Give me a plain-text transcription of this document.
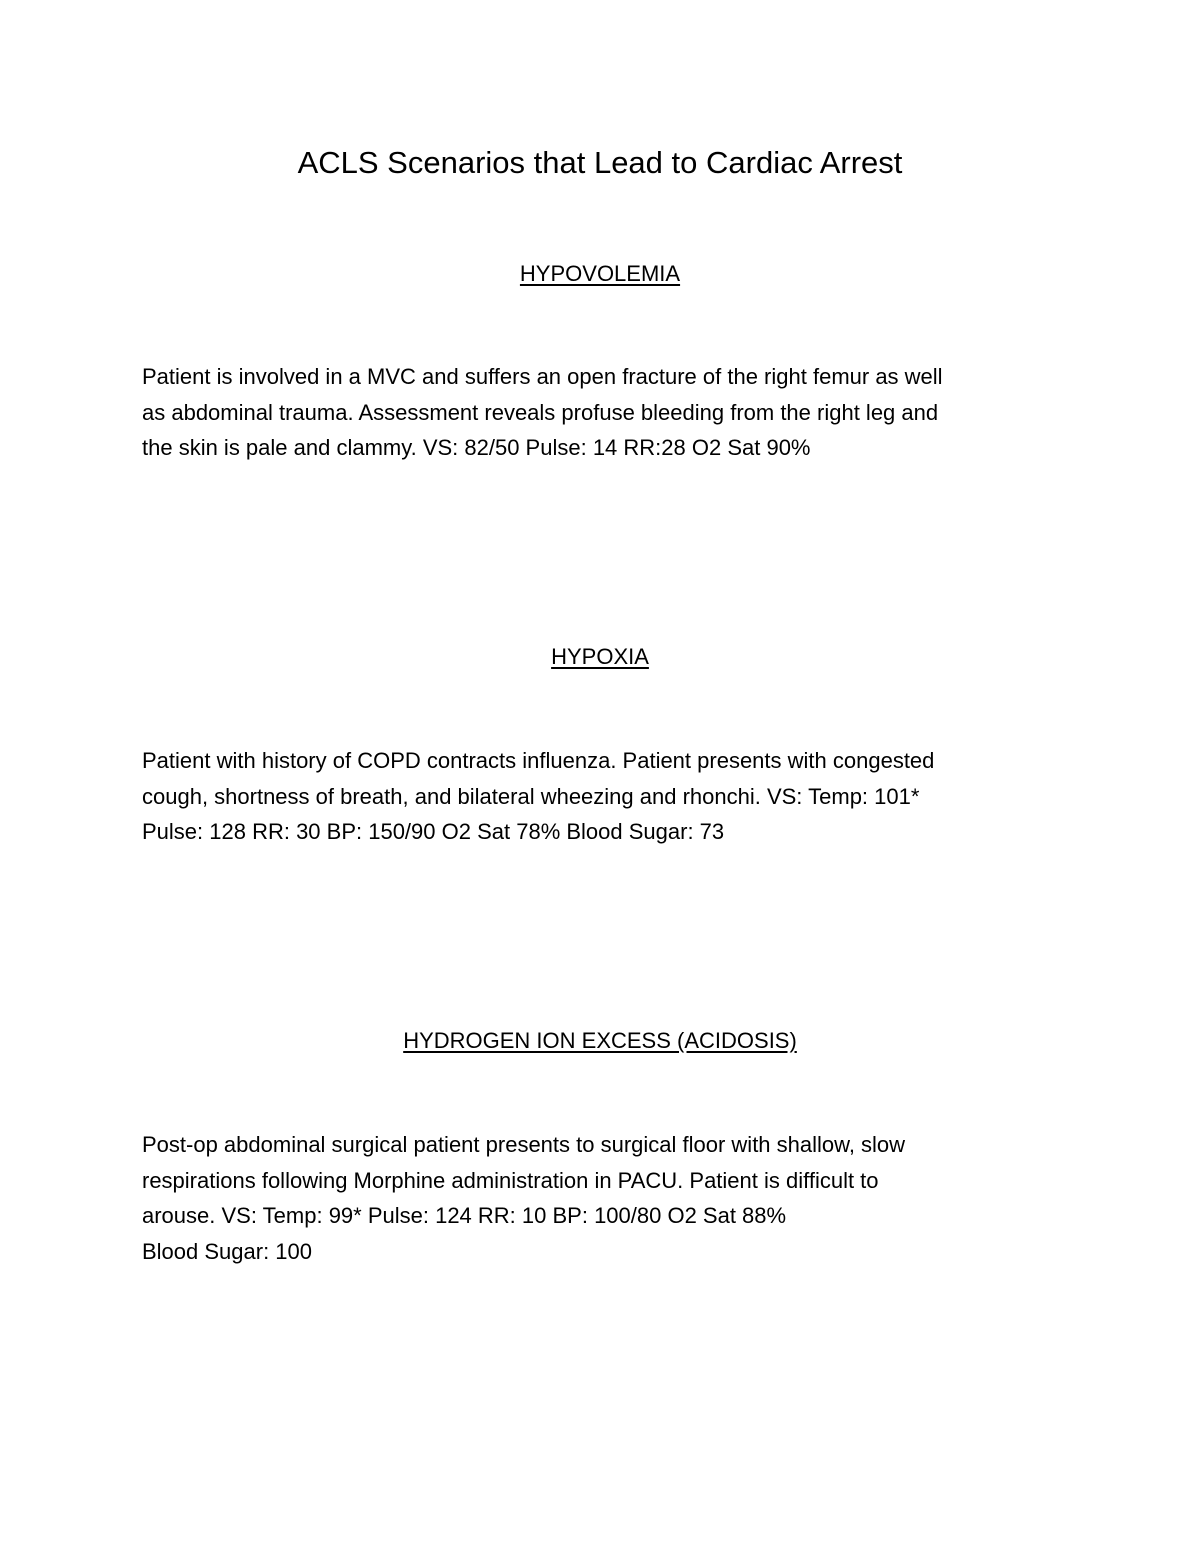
ACLS Scenarios that Lead to Cardiac Arrest
HYPOVOLEMIA

Patient is involved in a MVC and suffers an open fracture of the right femur as well
as abdominal trauma. Assessment reveals profuse bleeding from the right leg and
the skin is pale and clammy. VS: 82/50 Pulse: 14 RR:28 O2 Sat 90%

HYPOXIA

Patient with history of COPD contracts influenza. Patient presents with congested
cough, shortness of breath, and bilateral wheezing and rhonchi. VS: Temp: 101*
Pulse: 128 RR: 30 BP: 150/90 O2 Sat 78% Blood Sugar: 73

HYDROGEN ION EXCESS (ACIDOSIS)

Post-op abdominal surgical patient presents to surgical floor with shallow, slow
respirations following Morphine administration in PACU. Patient is difficult to
arouse. VS: Temp: 99* Pulse: 124 RR: 10 BP: 100/80 O2 Sat 88%
Blood Sugar: 100
